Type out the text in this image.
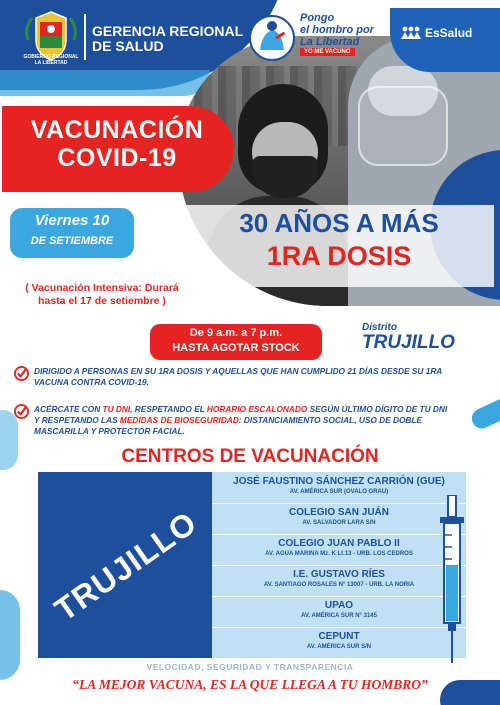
GOBIERNO REGIONAL
LA LIBERTAD
GERENCIA REGIONAL
DE SALUD
Pongo
el hombro por
La Libertad
YO ME VACUNO
EsSalud
VACUNACIÓN
COVID-19
Viernes 10
DE SETIEMBRE
30 AÑOS A MÁS
1RA DOSIS
( Vacunación Intensiva: Durará
hasta el 17 de setiembre )
De 9 a.m. a 7 p.m.
HASTA AGOTAR STOCK
Distrito
TRUJILLO
DIRIGIDO A PERSONAS EN SU 1RA DOSIS Y AQUELLAS QUE HAN CUMPLIDO 21 DÍAS DESDE SU 1RA VACUNA CONTRA COVID-19.
ACÉRCATE CON TU DNI, RESPETANDO EL HORARIO ESCALONADO SEGÚN ÚLTIMO DÍGITO DE TU DNI Y RESPETANDO LAS MEDIDAS DE BIOSEGURIDAD: DISTANCIAMIENTO SOCIAL, USO DE DOBLE MASCARILLA Y PROTECTOR FACIAL.
CENTROS DE VACUNACIÓN
TRUJILLO
JOSÉ FAUSTINO SÁNCHEZ CARRIÓN (GUE)
AV. AMÉRICA SUR (OVALO GRAU)
COLEGIO SAN JUÁN
AV. SALVADOR LARA S/N
COLEGIO JUAN PABLO II
AV. AGUA MARINA Mz. K Lt.13 - URB. LOS CEDROS
I.E. GUSTAVO RÍES
AV. SANTIAGO ROSALES N° 13007 - URB. LA NORIA
UPAO
AV. AMÉRICA SUR N° 3145
CEPUNT
AV. AMÉRICA SUR S/N
VELOCIDAD, SEGURIDAD Y TRANSPARENCIA
“LA MEJOR VACUNA, ES LA QUE LLEGA A TU HOMBRO”
